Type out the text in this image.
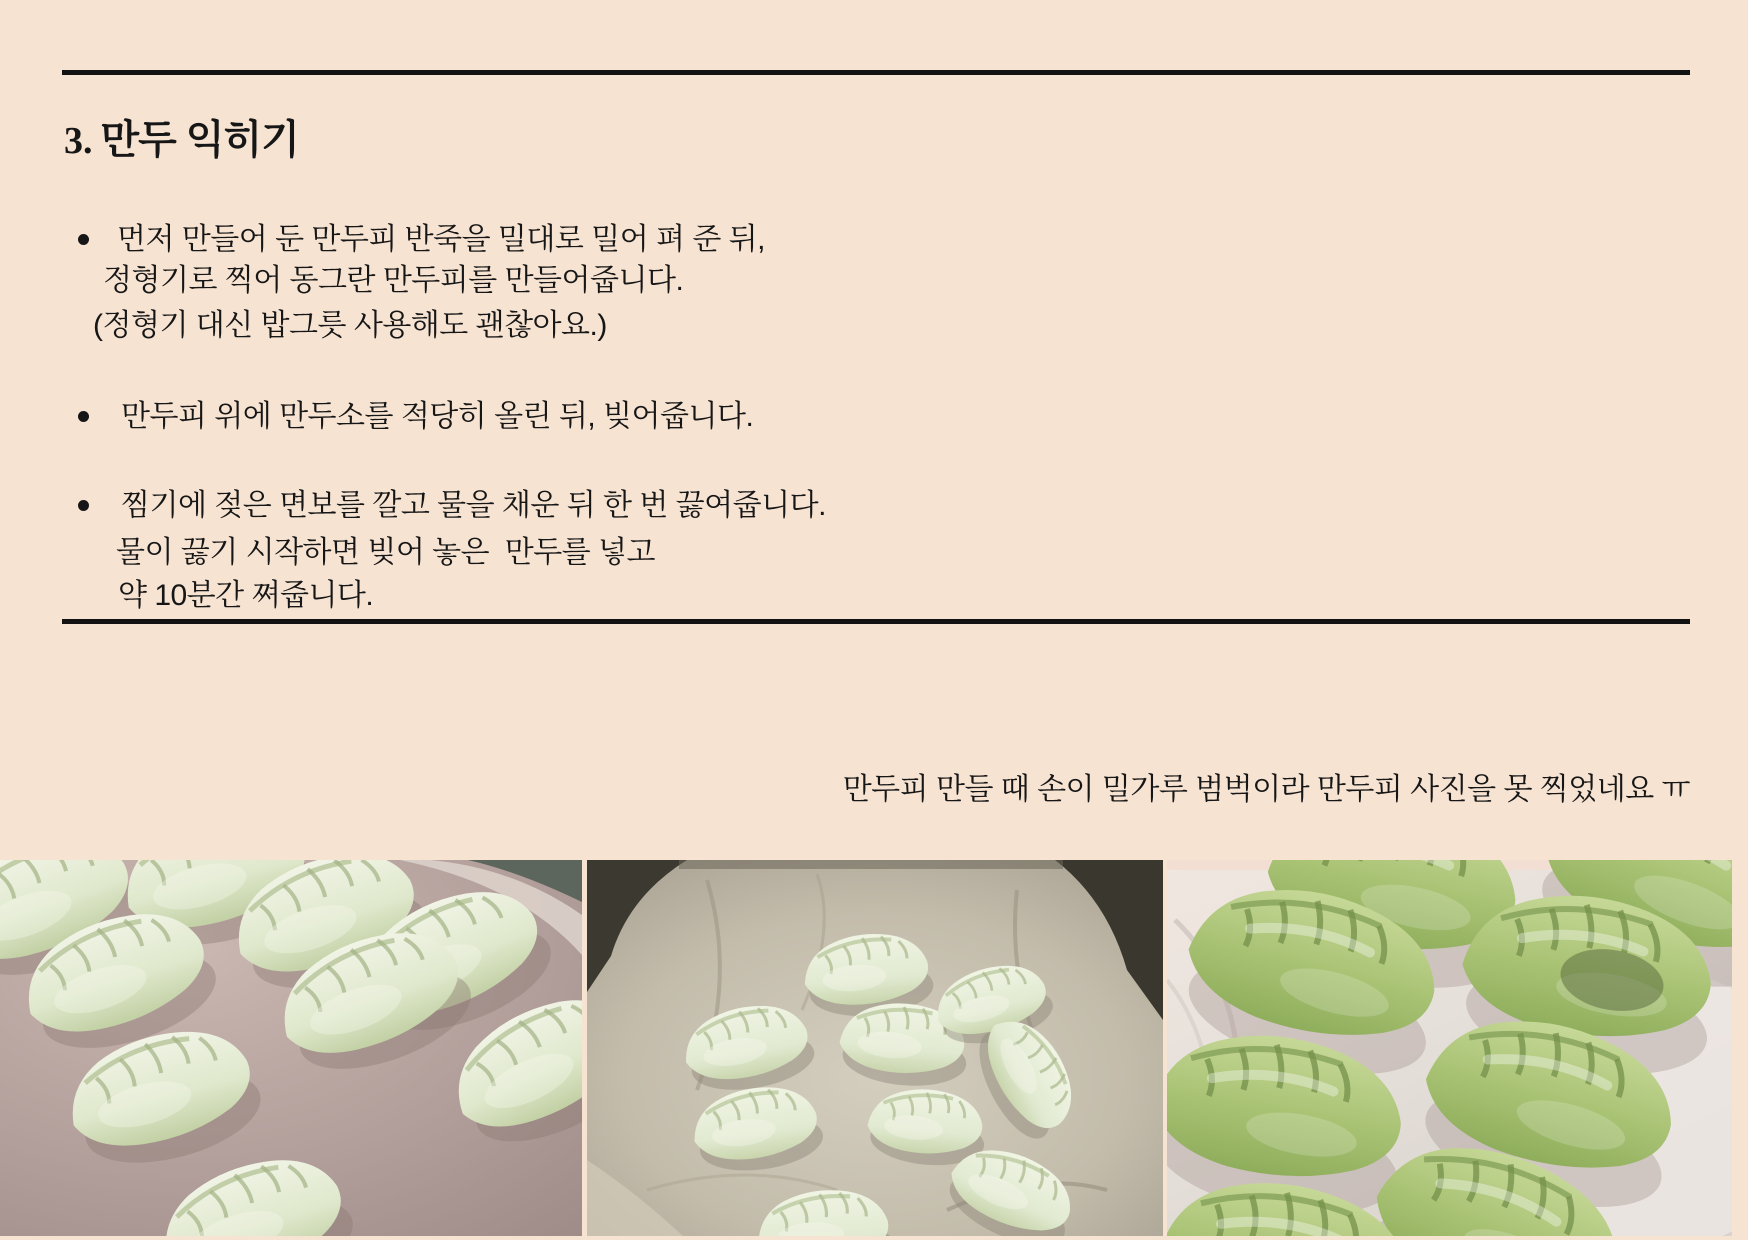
3. 만두 익히기
먼저 만들어 둔 만두피 반죽을 밀대로 밀어 펴 준 뒤,
정형기로 찍어 동그란 만두피를 만들어줍니다.
(정형기 대신 밥그릇 사용해도 괜찮아요.)
만두피 위에 만두소를 적당히 올린 뒤, 빚어줍니다.
찜기에 젖은 면보를 깔고 물을 채운 뒤 한 번 끓여줍니다.
물이 끓기 시작하면 빚어 놓은  만두를 넣고
약 10분간 쪄줍니다.
만두피 만들 때 손이 밀가루 범벅이라 만두피 사진을 못 찍었네요 ㅠ
